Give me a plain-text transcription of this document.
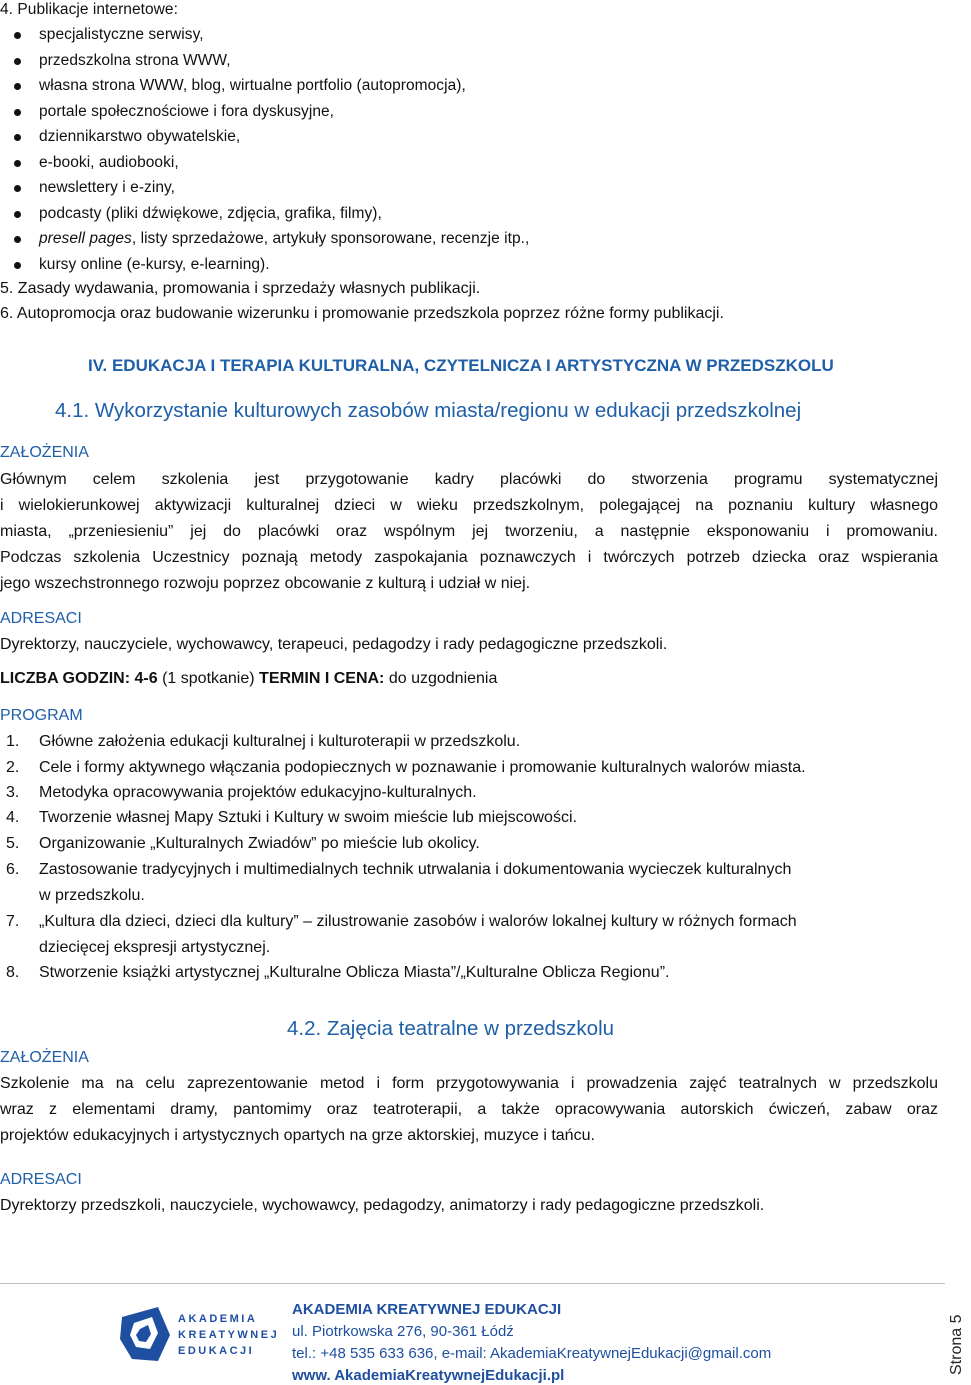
4. Publikacje internetowe:
specjalistyczne serwisy,
przedszkolna strona WWW,
własna strona WWW, blog, wirtualne portfolio (autopromocja),
portale społecznościowe i fora dyskusyjne,
dziennikarstwo obywatelskie,
e-booki, audiobooki,
newslettery i e-ziny,
podcasty (pliki dźwiękowe, zdjęcia, grafika, filmy),
presell pages, listy sprzedażowe, artykuły sponsorowane, recenzje itp.,
kursy online (e-kursy, e-learning).
5. Zasady wydawania, promowania i sprzedaży własnych publikacji.
6. Autopromocja oraz budowanie wizerunku i promowanie przedszkola poprzez różne formy publikacji.
IV. EDUKACJA I TERAPIA KULTURALNA, CZYTELNICZA I ARTYSTYCZNA W PRZEDSZKOLU
4.1. Wykorzystanie kulturowych zasobów miasta/regionu w edukacji przedszkolnej
ZAŁOŻENIA
Głównym celem szkolenia jest przygotowanie kadry placówki do stworzenia programu systematycznej
i wielokierunkowej aktywizacji kulturalnej dzieci w wieku przedszkolnym, polegającej na poznaniu kultury własnego
miasta, „przeniesieniu” jej do placówki oraz wspólnym jej tworzeniu, a następnie eksponowaniu i promowaniu.
Podczas szkolenia Uczestnicy poznają metody zaspokajania poznawczych i twórczych potrzeb dziecka oraz wspierania
jego wszechstronnego rozwoju poprzez obcowanie z kulturą i udział w niej.
ADRESACI
Dyrektorzy, nauczyciele, wychowawcy, terapeuci, pedagodzy i rady pedagogiczne przedszkoli.
LICZBA GODZIN: 4-6 (1 spotkanie) TERMIN I CENA: do uzgodnienia
PROGRAM
1. Główne założenia edukacji kulturalnej i kulturoterapii w przedszkolu.
2. Cele i formy aktywnego włączania podopiecznych w poznawanie i promowanie kulturalnych walorów miasta.
3. Metodyka opracowywania projektów edukacyjno-kulturalnych.
4. Tworzenie własnej Mapy Sztuki i Kultury w swoim mieście lub miejscowości.
5. Organizowanie „Kulturalnych Zwiadów” po mieście lub okolicy.
6. Zastosowanie tradycyjnych i multimedialnych technik utrwalania i dokumentowania wycieczek kulturalnych
w przedszkolu.
7. „Kultura dla dzieci, dzieci dla kultury” – zilustrowanie zasobów i walorów lokalnej kultury w różnych formach
dziecięcej ekspresji artystycznej.
8. Stworzenie książki artystycznej „Kulturalne Oblicza Miasta”/„Kulturalne Oblicza Regionu”.
4.2. Zajęcia teatralne w przedszkolu
ZAŁOŻENIA
Szkolenie ma na celu zaprezentowanie metod i form przygotowywania i prowadzenia zajęć teatralnych w przedszkolu
wraz z elementami dramy, pantomimy oraz teatroterapii, a także opracowywania autorskich ćwiczeń, zabaw oraz
projektów edukacyjnych i artystycznych opartych na grze aktorskiej, muzyce i tańcu.
ADRESACI
Dyrektorzy przedszkoli, nauczyciele, wychowawcy, pedagodzy, animatorzy i rady pedagogiczne przedszkoli.
AKADEMIA
KREATYWNEJ
EDUKACJI
AKADEMIA KREATYWNEJ EDUKACJI
ul. Piotrkowska 276, 90-361 Łódź
tel.: +48 535 633 636, e-mail: AkademiaKreatywnejEdukacji@gmail.com
www. AkademiaKreatywnejEdukacji.pl
Strona 5
